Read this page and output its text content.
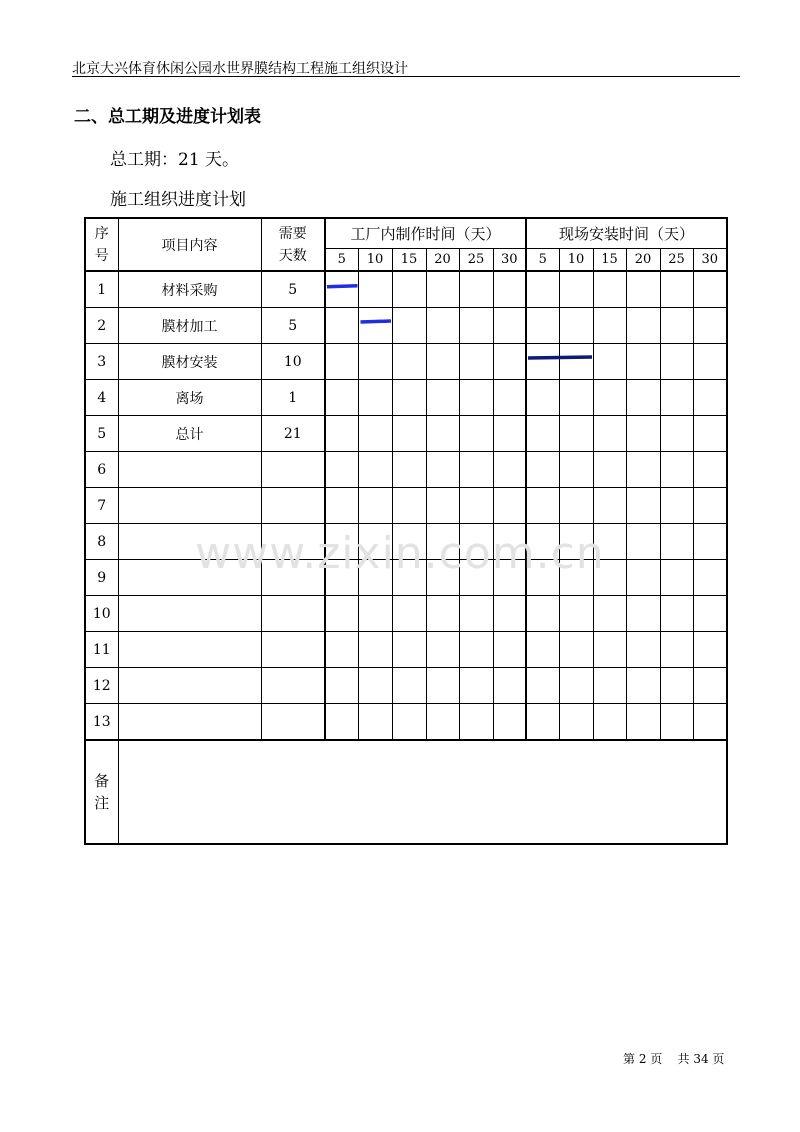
北京大兴体育休闲公园水世界膜结构工程施工组织设计
二、总工期及进度计划表
总工期：21 天。
施工组织进度计划
序号	项目内容	需要天数	工厂内制作时间（天）						现场安装时间（天）					
			5	10	15	20	25	30	5	10	15	20	25	30
1	材料采购	5												
2	膜材加工	5												
3	膜材安装	10												
4	离场	1												
5	总计	21												
6														
7														
8														
9														
10														
11														
12														
13														
备注														
www.zixin.com.cn
第 2 页 共 34 页
